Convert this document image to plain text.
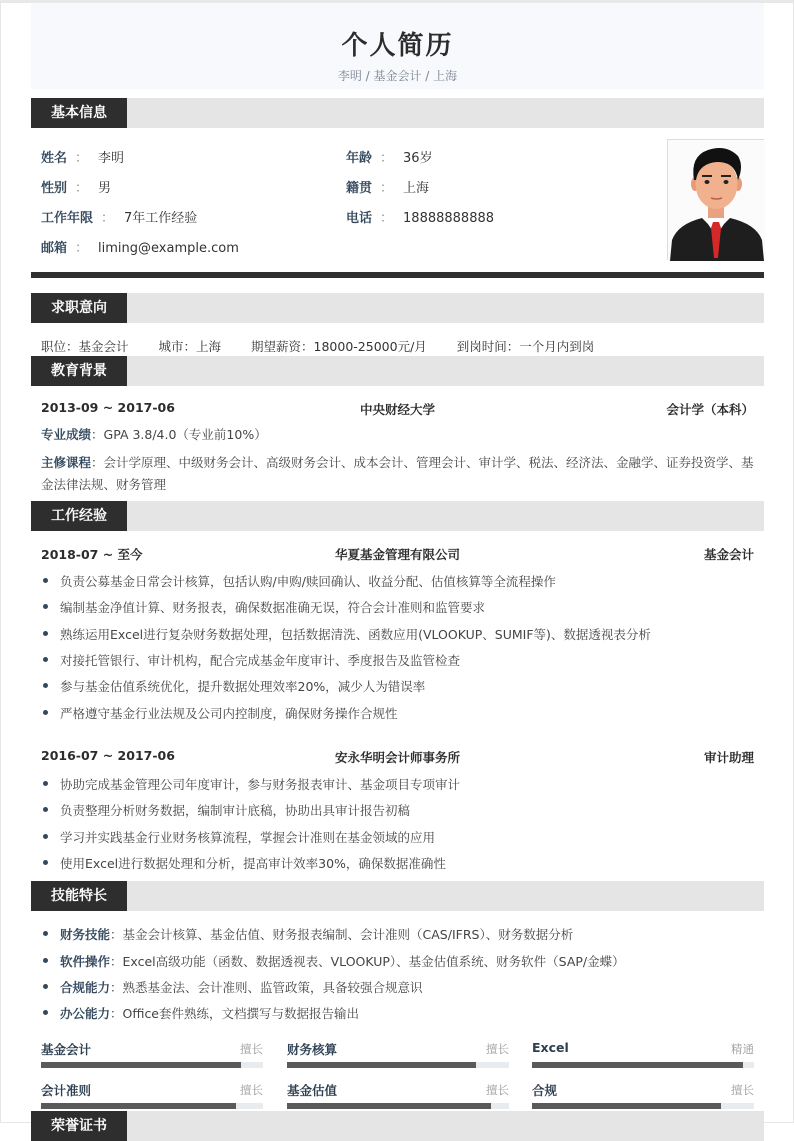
个人简历
李明 / 基金会计 / 上海
基本信息
姓名 ： 李明
性别 ： 男
工作年限 ： 7年工作经验
邮箱 ： liming@example.com
年龄 ： 36岁
籍贯 ： 上海
电话 ： 18888888888
求职意向
职位：基金会计 城市：上海 期望薪资：18000-25000元/月 到岗时间：一个月内到岗
教育背景
2013-09 ~ 2017-06	中央财经大学	会计学（本科）
专业成绩：GPA 3.8/4.0（专业前10%）
主修课程：会计学原理、中级财务会计、高级财务会计、成本会计、管理会计、审计学、税法、经济法、金融学、证券投资学、基金法律法规、财务管理
工作经验
2018-07 ~ 至今	华夏基金管理有限公司	基金会计
负责公募基金日常会计核算，包括认购/申购/赎回确认、收益分配、估值核算等全流程操作
编制基金净值计算、财务报表，确保数据准确无误，符合会计准则和监管要求
熟练运用Excel进行复杂财务数据处理，包括数据清洗、函数应用(VLOOKUP、SUMIF等)、数据透视表分析
对接托管银行、审计机构，配合完成基金年度审计、季度报告及监管检查
参与基金估值系统优化，提升数据处理效率20%，减少人为错误率
严格遵守基金行业法规及公司内控制度，确保财务操作合规性
2016-07 ~ 2017-06	安永华明会计师事务所	审计助理
协助完成基金管理公司年度审计，参与财务报表审计、基金项目专项审计
负责整理分析财务数据，编制审计底稿，协助出具审计报告初稿
学习并实践基金行业财务核算流程，掌握会计准则在基金领域的应用
使用Excel进行数据处理和分析，提高审计效率30%，确保数据准确性
技能特长
财务技能：基金会计核算、基金估值、财务报表编制、会计准则（CAS/IFRS）、财务数据分析
软件操作：Excel高级功能（函数、数据透视表、VLOOKUP）、基金估值系统、财务软件（SAP/金蝶）
合规能力：熟悉基金法、会计准则、监管政策，具备较强合规意识
办公能力：Office套件熟练，文档撰写与数据报告输出
基金会计	擅长 财务核算	擅长 Excel	精通
会计准则	擅长 基金估值	擅长 合规	擅长
荣誉证书
